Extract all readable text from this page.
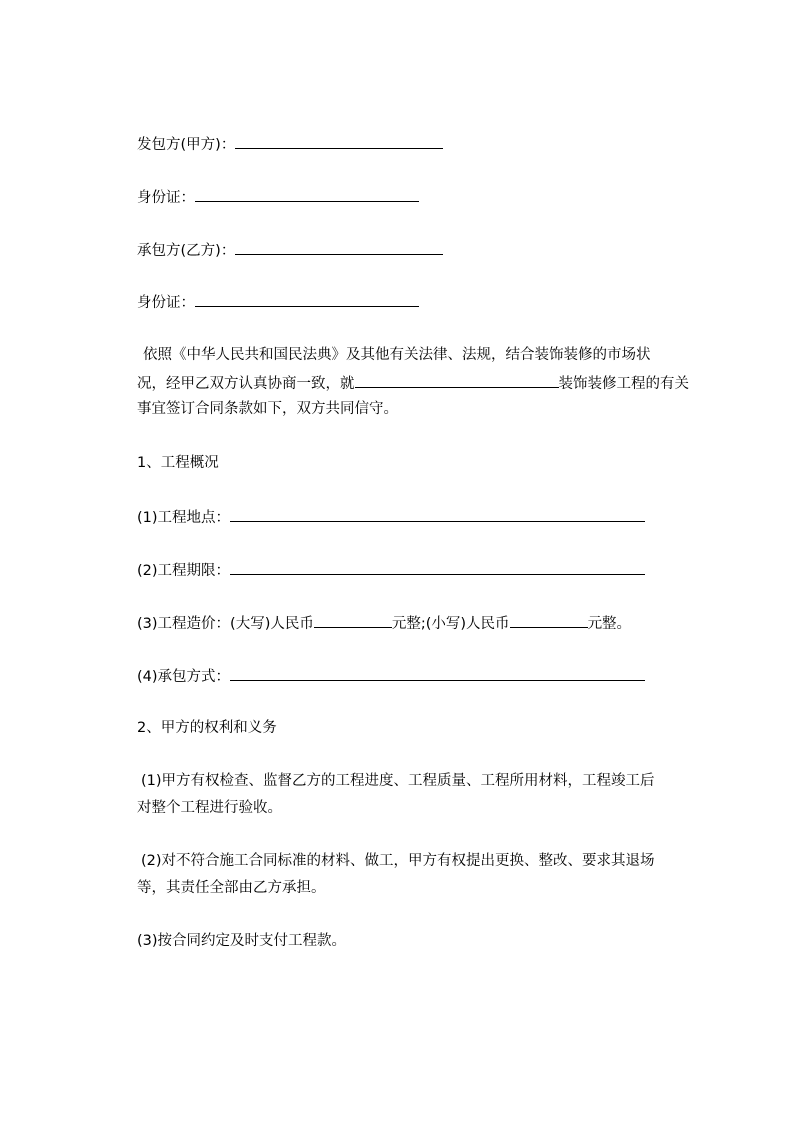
发包方(甲方)：
身份证：
承包方(乙方)：
身份证：
依照《中华人民共和国民法典》及其他有关法律、法规，结合装饰装修的市场状
况，经甲乙双方认真协商一致，就	装饰装修工程的有关
事宜签订合同条款如下，双方共同信守。
1、工程概况
(1)工程地点：
(2)工程期限：
(3)工程造价：(大写)人民币	元整;(小写)人民币	元整。
(4)承包方式：
2、甲方的权利和义务
(1)甲方有权检查、监督乙方的工程进度、工程质量、工程所用材料，工程竣工后
对整个工程进行验收。
(2)对不符合施工合同标准的材料、做工，甲方有权提出更换、整改、要求其退场
等，其责任全部由乙方承担。
(3)按合同约定及时支付工程款。
